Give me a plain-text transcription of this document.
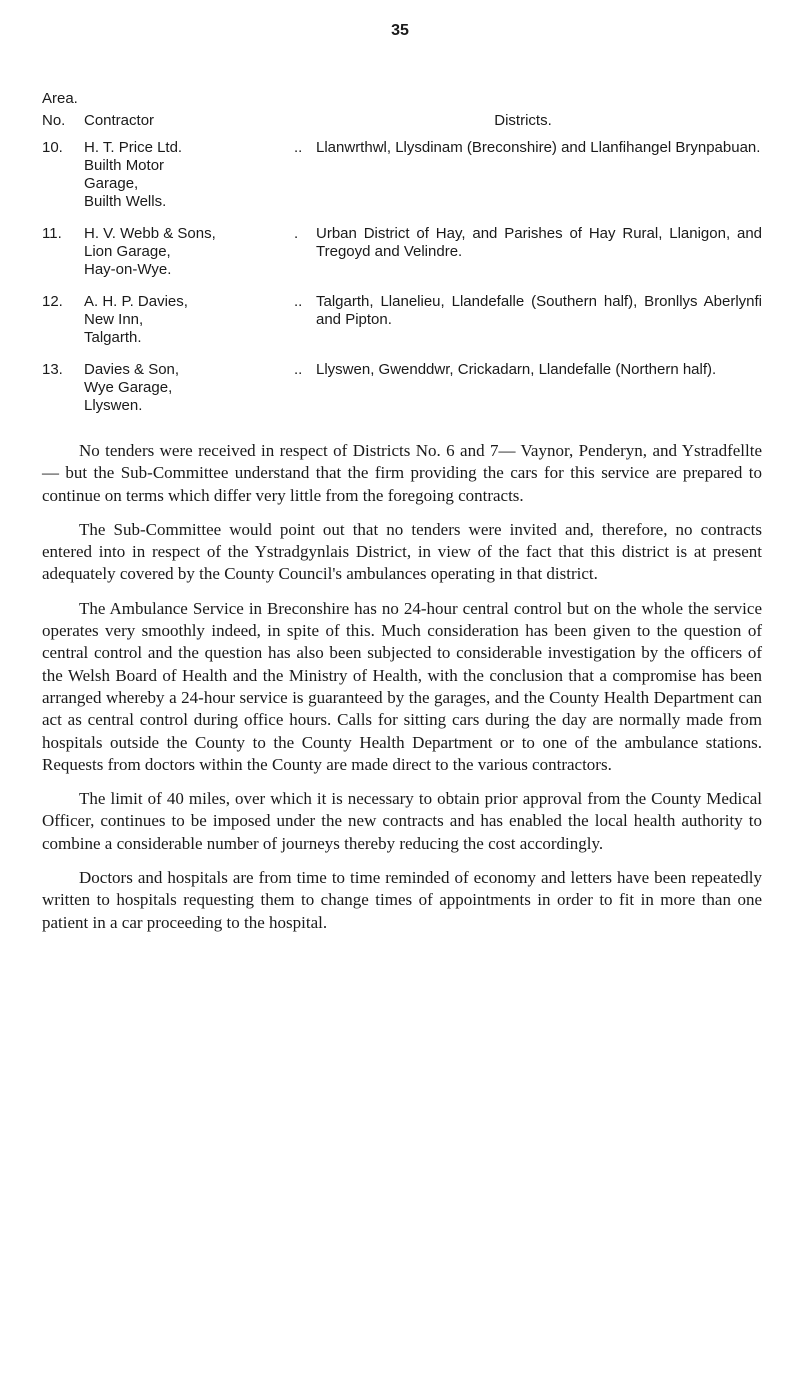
35
Area.
No.	Contractor	Districts.
10.	H. T. Price Ltd.
Builth Motor
Garage,
Builth Wells.
.. Llanwrthwl, Llysdinam (Breconshire) and Llanfihangel Brynpabuan.
11.	H. V. Webb & Sons,
Lion Garage,
Hay-on-Wye.
.	Urban District of Hay, and Parishes of Hay Rural, Llanigon, and Tregoyd and Velindre.
12.	A. H. P. Davies,
New Inn,
Talgarth.
.. Talgarth, Llanelieu, Llandefalle (Southern half), Bronllys Aberlynfi and Pipton.
13.	Davies & Son,
Wye Garage,
Llyswen.
.. Llyswen, Gwenddwr, Crickadarn, Llandefalle (Northern half).

No tenders were received in respect of Districts No. 6 and 7— Vaynor, Penderyn, and Ystradfellte — but the Sub-Committee understand that the firm providing the cars for this service are prepared to continue on terms which differ very little from the foregoing contracts.

The Sub-Committee would point out that no tenders were invited and, therefore, no contracts entered into in respect of the Ystradgynlais District, in view of the fact that this district is at present adequately covered by the County Council's ambulances operating in that district.

The Ambulance Service in Breconshire has no 24-hour central control but on the whole the service operates very smoothly indeed, in spite of this. Much consideration has been given to the question of central control and the question has also been subjected to considerable investigation by the officers of the Welsh Board of Health and the Ministry of Health, with the conclusion that a compromise has been arranged whereby a 24-hour service is guaranteed by the garages, and the County Health Department can act as central control during office hours. Calls for sitting cars during the day are normally made from hospitals outside the County to the County Health Department or to one of the ambulance stations. Requests from doctors within the County are made direct to the various contractors.

The limit of 40 miles, over which it is necessary to obtain prior approval from the County Medical Officer, continues to be imposed under the new contracts and has enabled the local health authority to combine a considerable number of journeys thereby reducing the cost accordingly.

Doctors and hospitals are from time to time reminded of economy and letters have been repeatedly written to hospitals requesting them to change times of appointments in order to fit in more than one patient in a car proceeding to the hospital.
